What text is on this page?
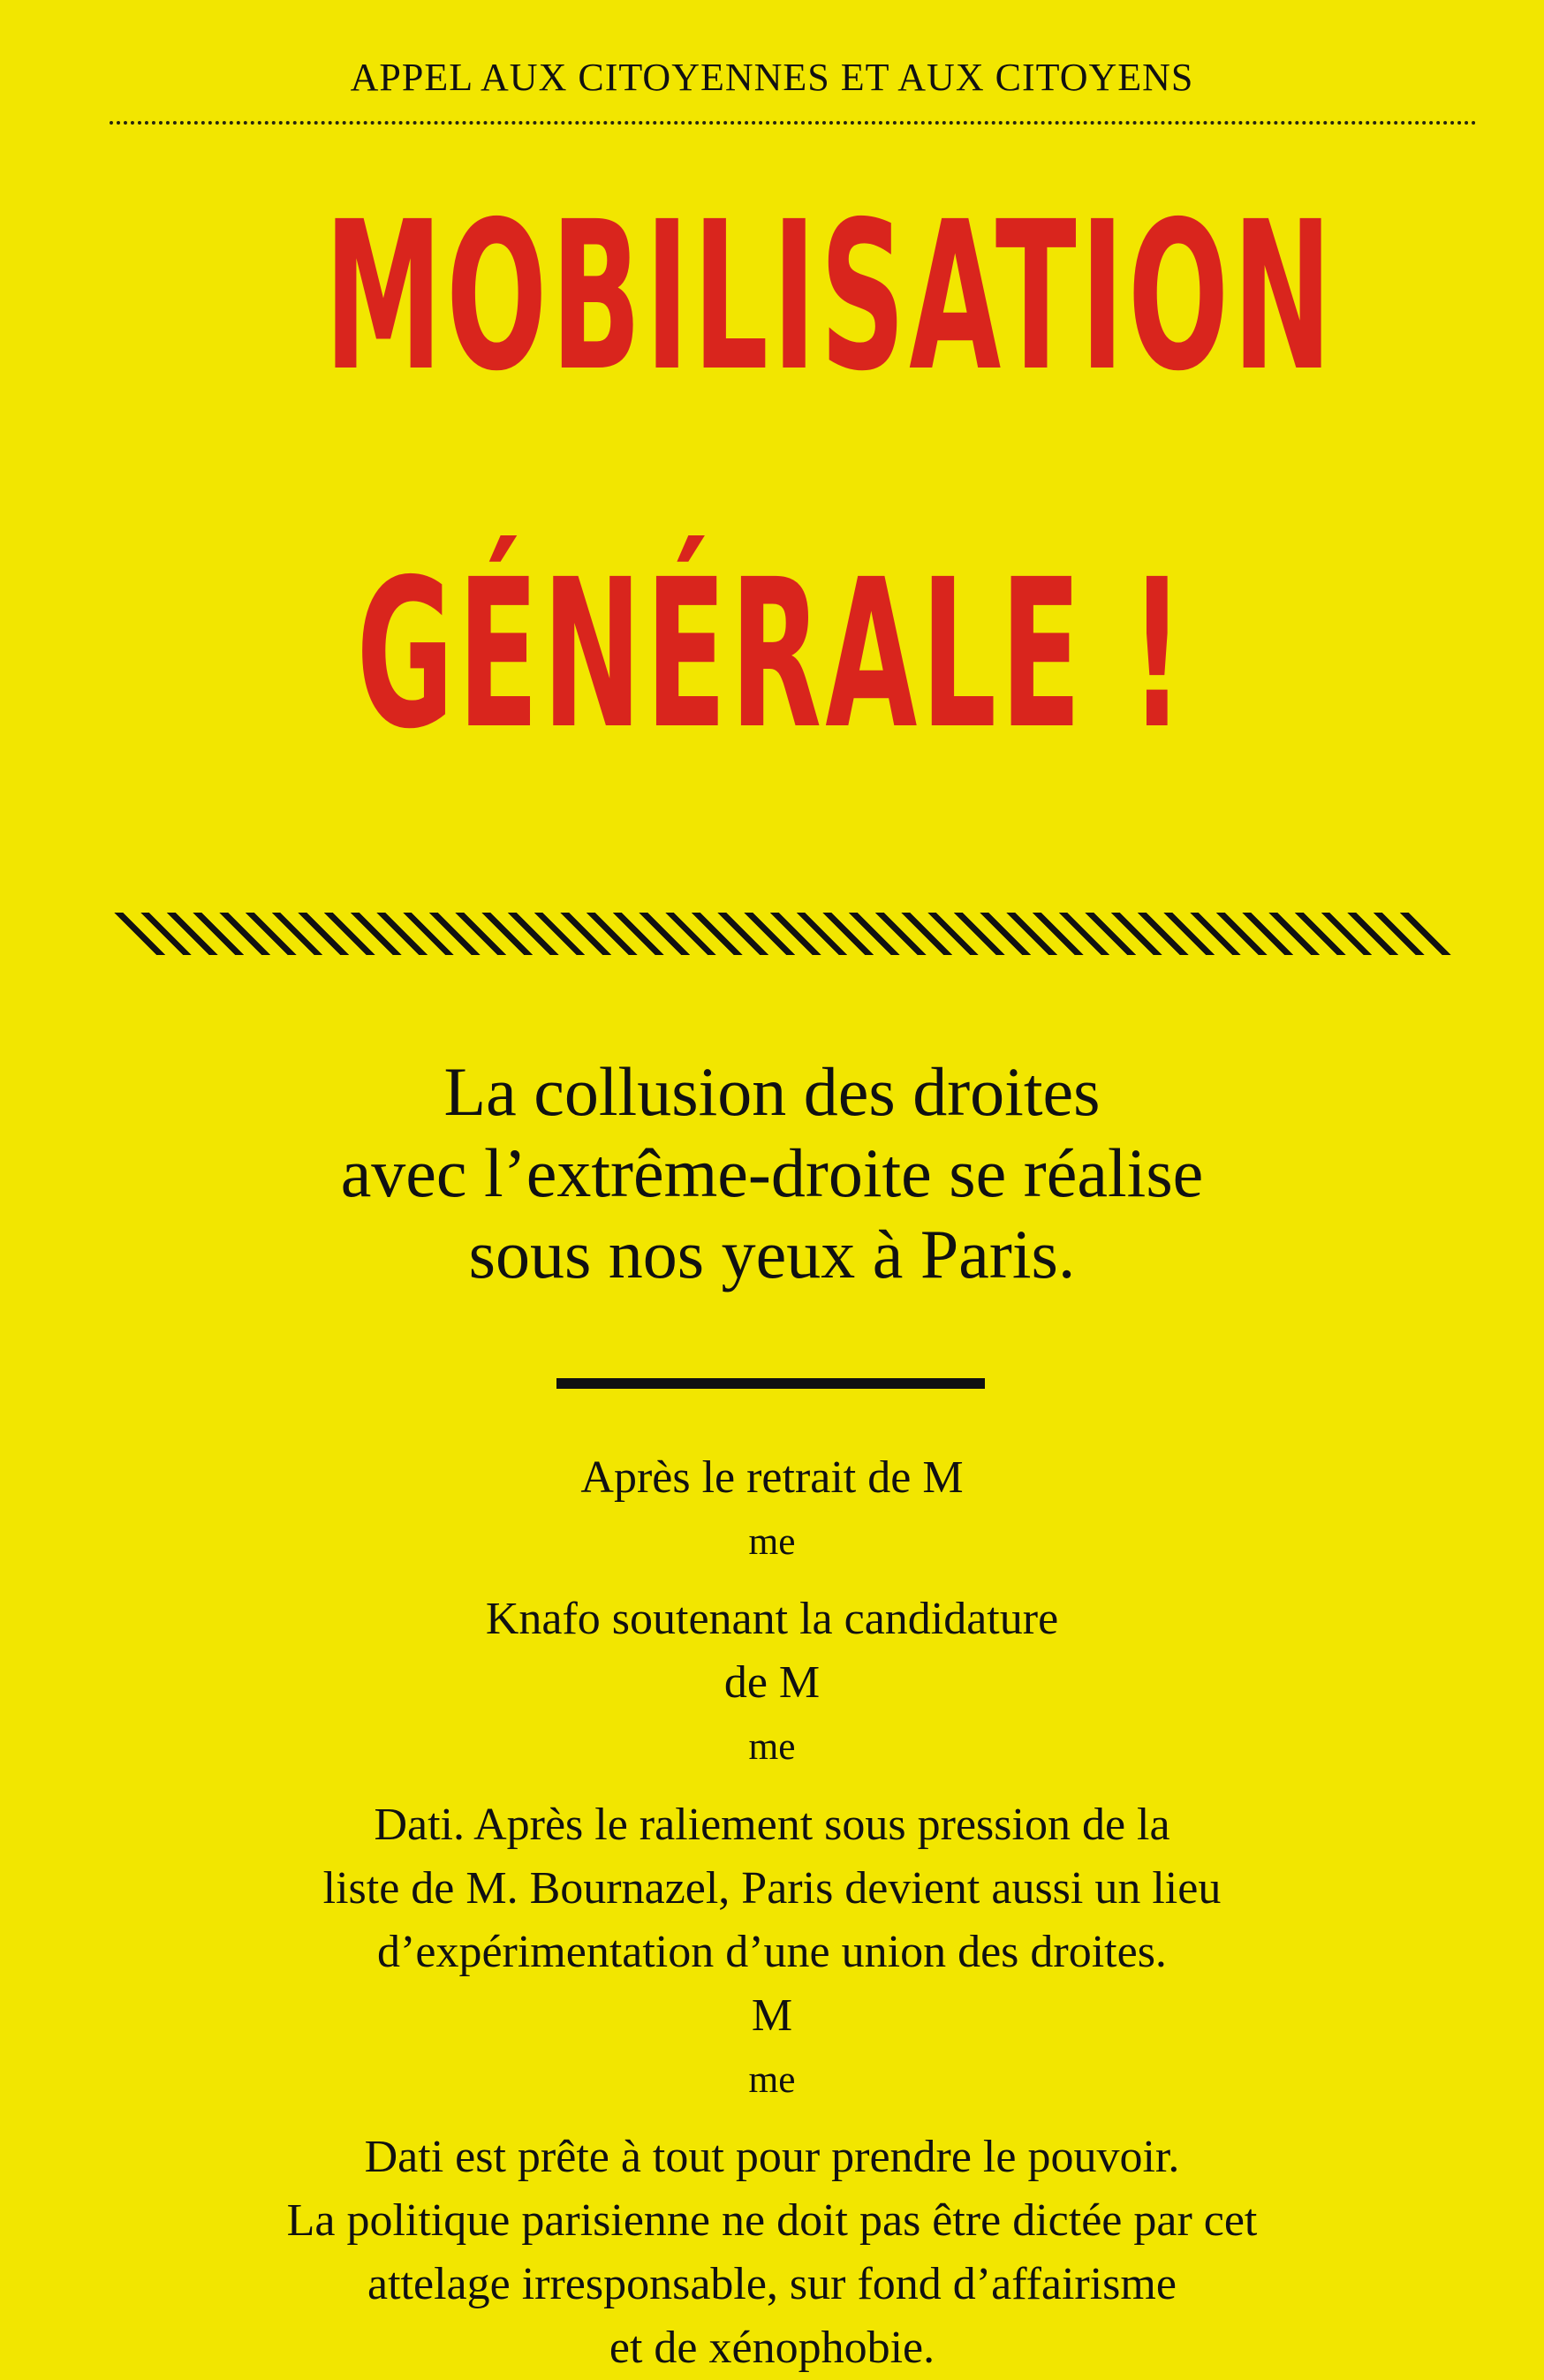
APPEL AUX CITOYENNES ET AUX CITOYENS
MOBILISATION
GÉNÉRALE !
La collusion des droites
avec l’extrême-droite se réalise
sous nos yeux à Paris.
Après le retrait de M
$^{me}$
Knafo soutenant la candidature
de M
$^{me}$
Dati. Après le raliement sous pression de la
liste de M. Bournazel, Paris devient aussi un lieu
d’expérimentation d’une union des droites.
M
$^{me}$
Dati est prête à tout pour prendre le pouvoir.
La politique parisienne ne doit pas être dictée par cet
attelage irresponsable, sur fond d’affairisme
et de xénophobie.
